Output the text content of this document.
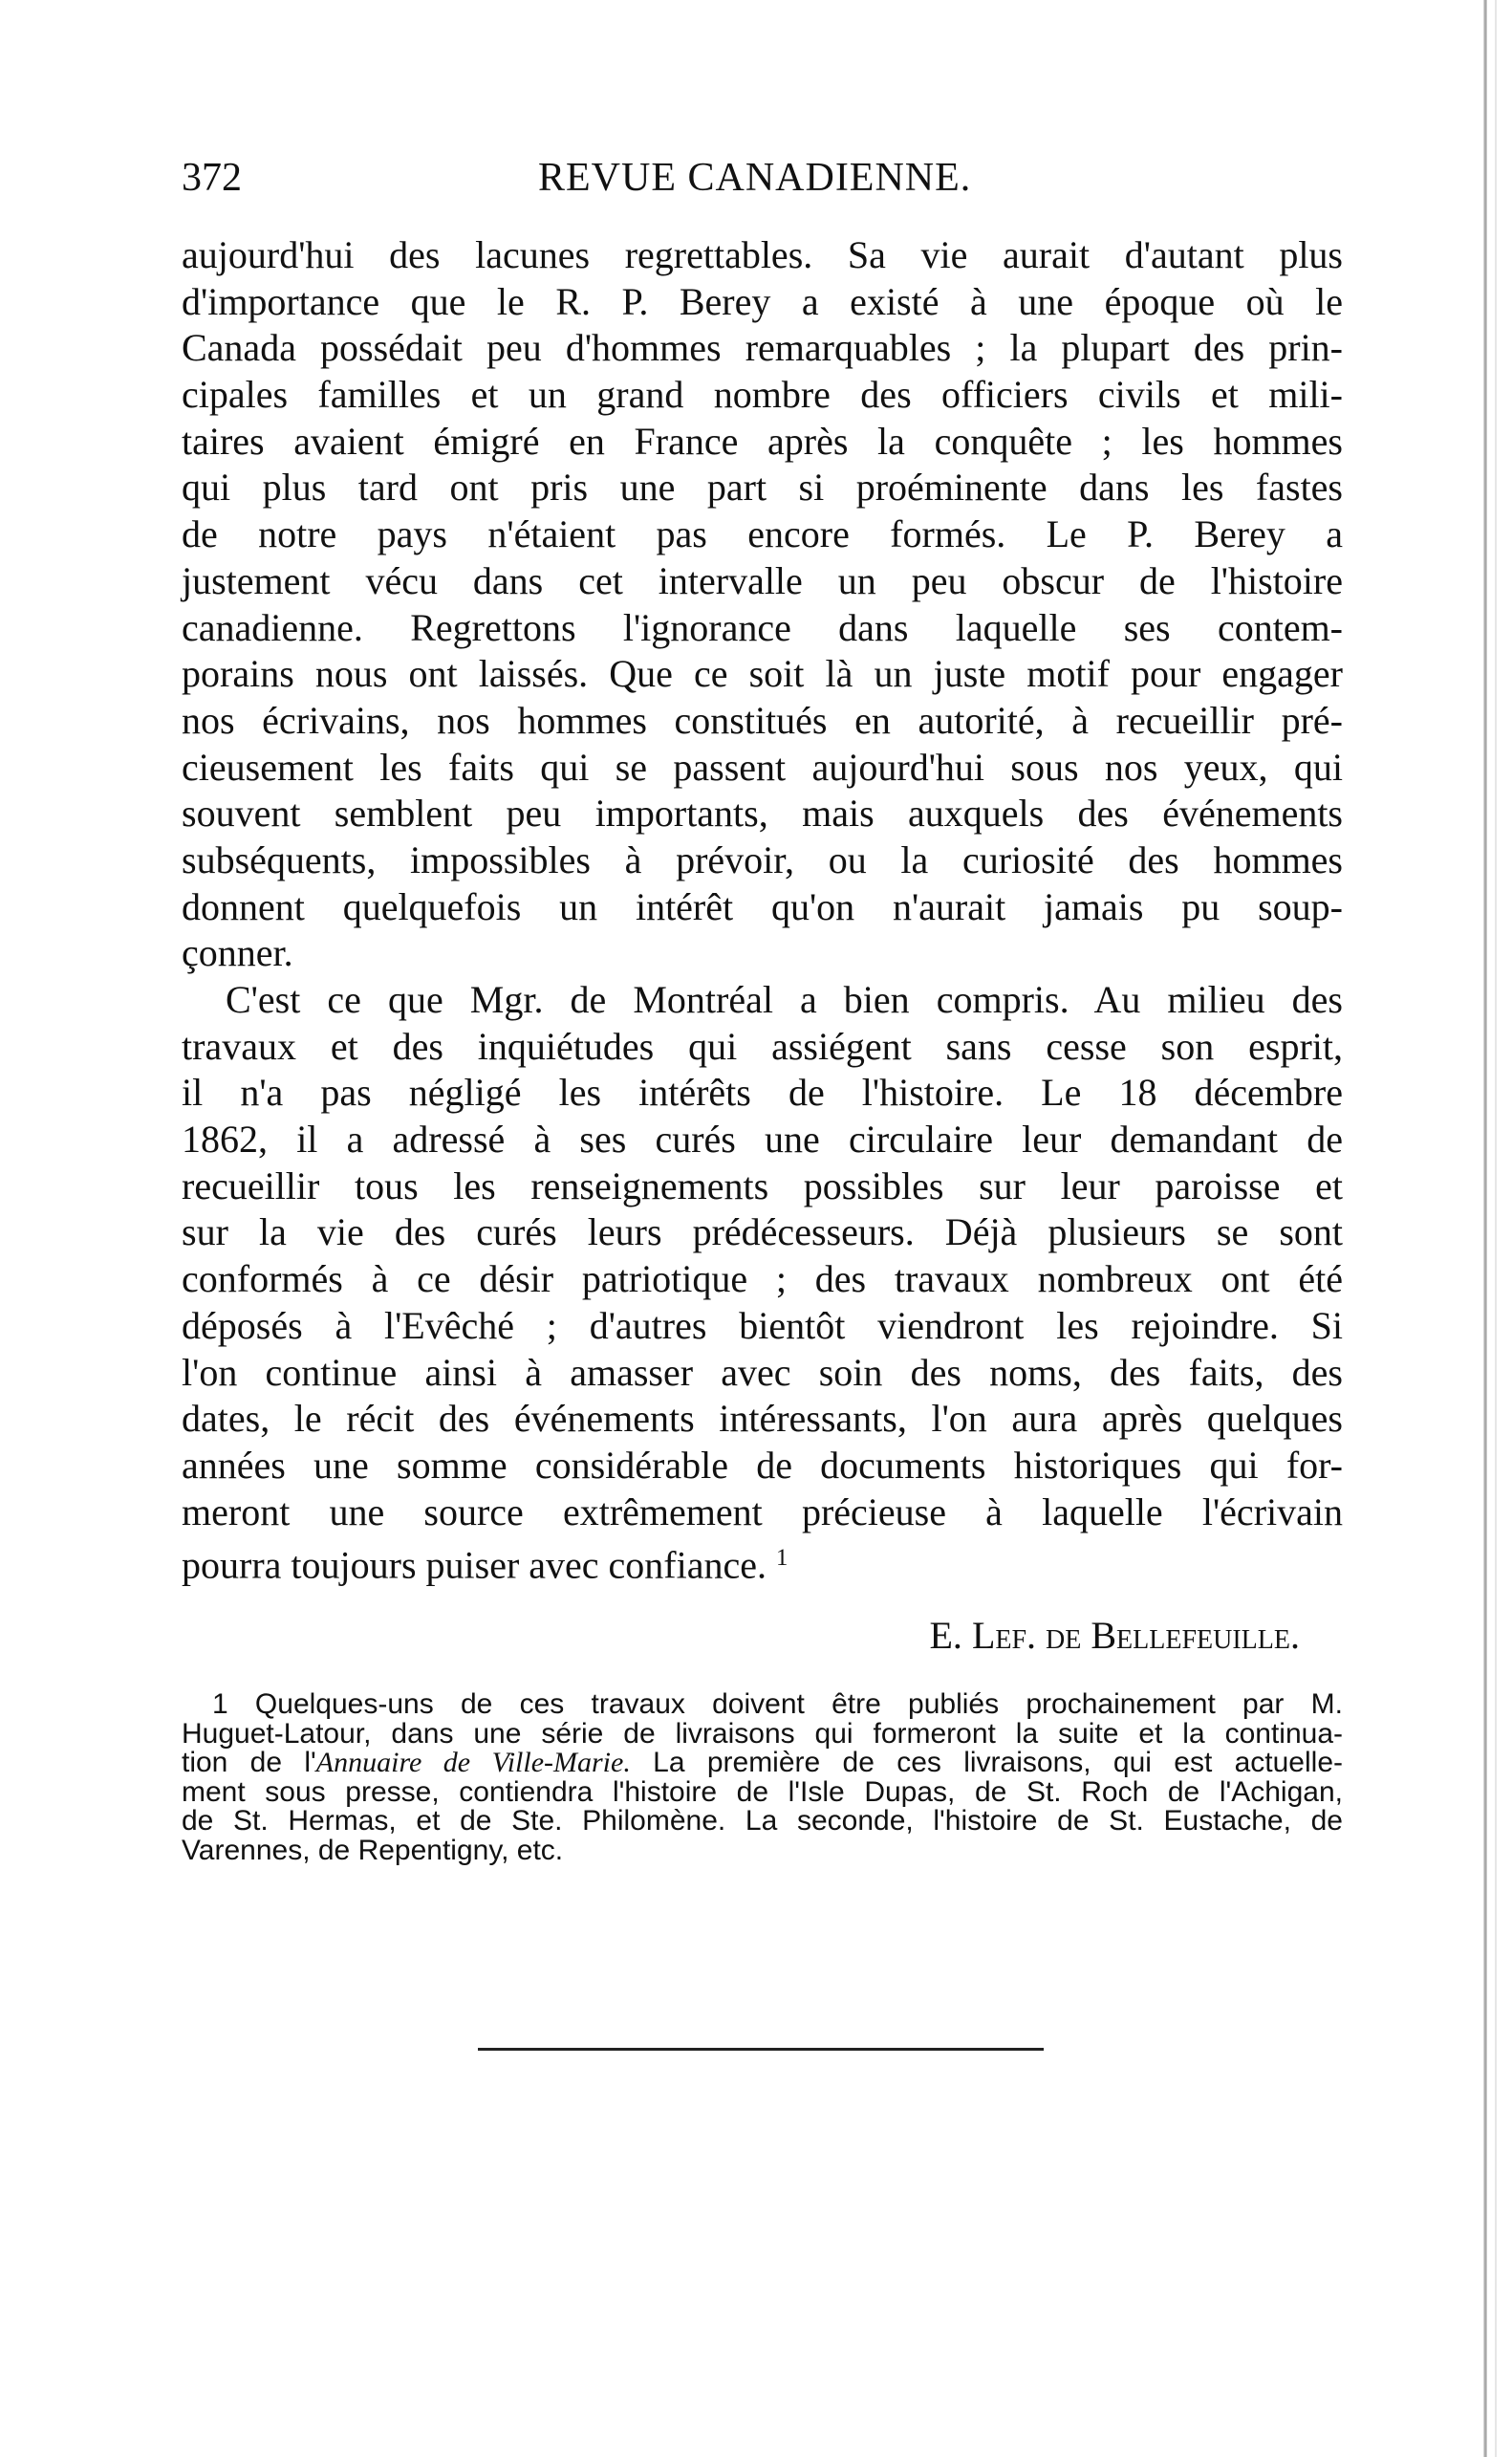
372	REVUE CANADIENNE.
aujourd'hui des lacunes regrettables. Sa vie aurait d'autant plus
d'importance que le R. P. Berey a existé à une époque où le
Canada possédait peu d'hommes remarquables ; la plupart des prin-
cipales familles et un grand nombre des officiers civils et mili-
taires avaient émigré en France après la conquête ; les hommes
qui plus tard ont pris une part si proéminente dans les fastes
de notre pays n'étaient pas encore formés. Le P. Berey a
justement vécu dans cet intervalle un peu obscur de l'histoire
canadienne. Regrettons l'ignorance dans laquelle ses contem-
porains nous ont laissés. Que ce soit là un juste motif pour engager
nos écrivains, nos hommes constitués en autorité, à recueillir pré-
cieusement les faits qui se passent aujourd'hui sous nos yeux, qui
souvent semblent peu importants, mais auxquels des événements
subséquents, impossibles à prévoir, ou la curiosité des hommes
donnent quelquefois un intérêt qu'on n'aurait jamais pu soup-
çonner.
C'est ce que Mgr. de Montréal a bien compris. Au milieu des
travaux et des inquiétudes qui assiégent sans cesse son esprit,
il n'a pas négligé les intérêts de l'histoire. Le 18 décembre
1862, il a adressé à ses curés une circulaire leur demandant de
recueillir tous les renseignements possibles sur leur paroisse et
sur la vie des curés leurs prédécesseurs. Déjà plusieurs se sont
conformés à ce désir patriotique ; des travaux nombreux ont été
déposés à l'Evêché ; d'autres bientôt viendront les rejoindre. Si
l'on continue ainsi à amasser avec soin des noms, des faits, des
dates, le récit des événements intéressants, l'on aura après quelques
années une somme considérable de documents historiques qui for-
meront une source extrêmement précieuse à laquelle l'écrivain
pourra toujours puiser avec confiance. $^1$
E. Lef. de Bellefeuille.
1 Quelques-uns de ces travaux doivent être publiés prochainement par M.
Huguet-Latour, dans une série de livraisons qui formeront la suite et la continua-
tion de l'Annuaire de Ville-Marie. La première de ces livraisons, qui est actuelle-
ment sous presse, contiendra l'histoire de l'Isle Dupas, de St. Roch de l'Achigan,
de St. Hermas, et de Ste. Philomène. La seconde, l'histoire de St. Eustache, de
Varennes, de Repentigny, etc.
